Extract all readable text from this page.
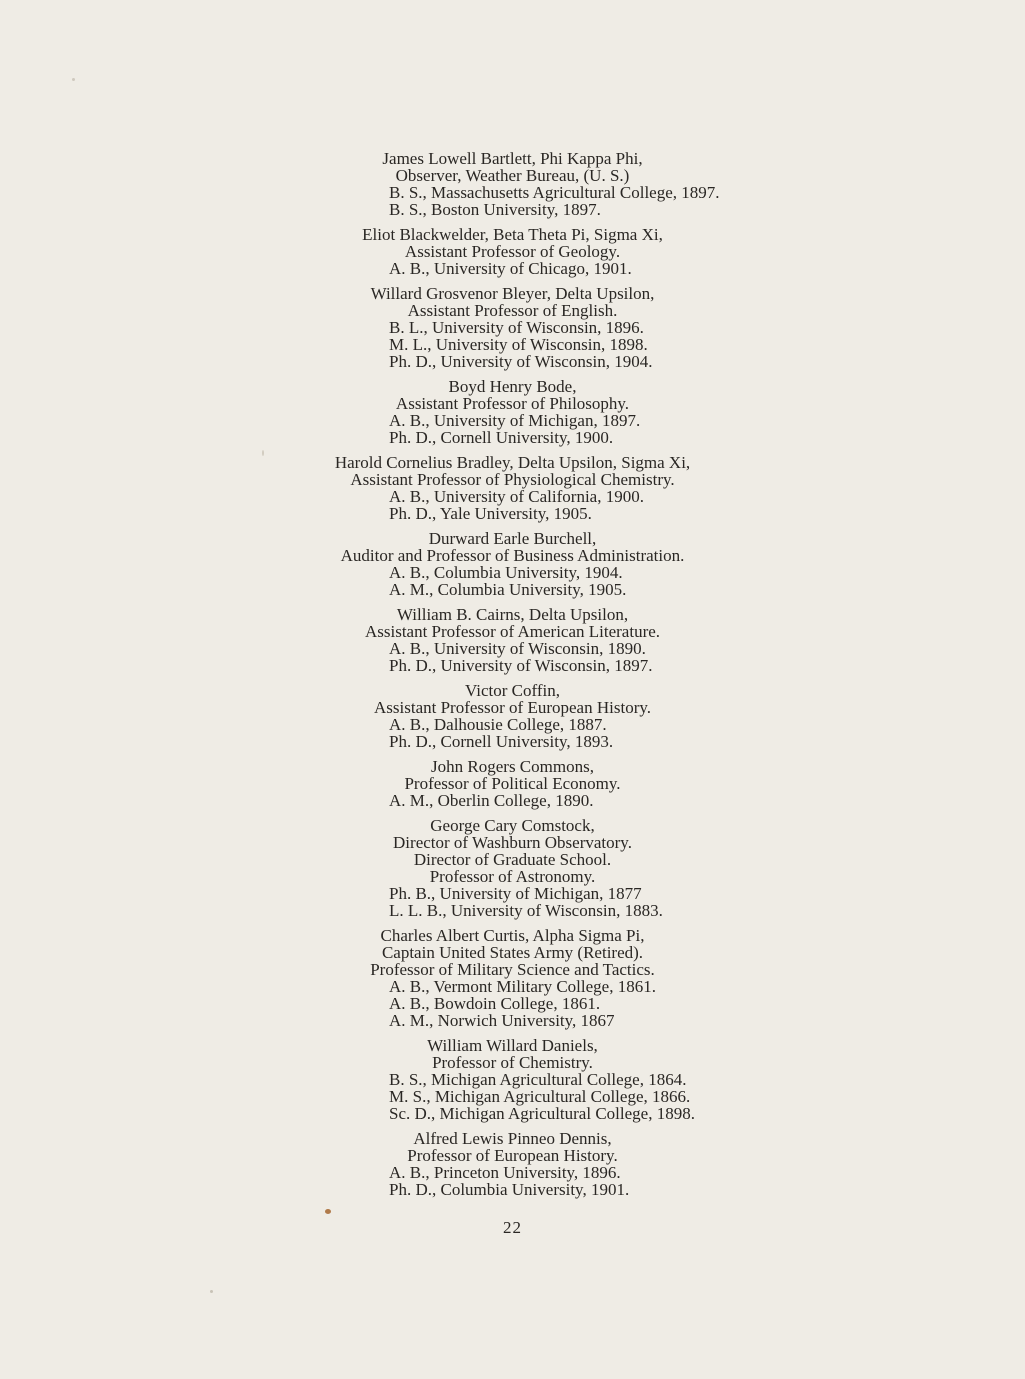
James Lowell Bartlett, Phi Kappa Phi,
Observer, Weather Bureau, (U. S.)
B. S., Massachusetts Agricultural College, 1897.
B. S., Boston University, 1897.
Eliot Blackwelder, Beta Theta Pi, Sigma Xi,
Assistant Professor of Geology.
A. B., University of Chicago, 1901.
Willard Grosvenor Bleyer, Delta Upsilon,
Assistant Professor of English.
B. L., University of Wisconsin, 1896.
M. L., University of Wisconsin, 1898.
Ph. D., University of Wisconsin, 1904.
Boyd Henry Bode,
Assistant Professor of Philosophy.
A. B., University of Michigan, 1897.
Ph. D., Cornell University, 1900.
Harold Cornelius Bradley, Delta Upsilon, Sigma Xi,
Assistant Professor of Physiological Chemistry.
A. B., University of California, 1900.
Ph. D., Yale University, 1905.
Durward Earle Burchell,
Auditor and Professor of Business Administration.
A. B., Columbia University, 1904.
A. M., Columbia University, 1905.
William B. Cairns, Delta Upsilon,
Assistant Professor of American Literature.
A. B., University of Wisconsin, 1890.
Ph. D., University of Wisconsin, 1897.
Victor Coffin,
Assistant Professor of European History.
A. B., Dalhousie College, 1887.
Ph. D., Cornell University, 1893.
John Rogers Commons,
Professor of Political Economy.
A. M., Oberlin College, 1890.
George Cary Comstock,
Director of Washburn Observatory.
Director of Graduate School.
Professor of Astronomy.
Ph. B., University of Michigan, 1877
L. L. B., University of Wisconsin, 1883.
Charles Albert Curtis, Alpha Sigma Pi,
Captain United States Army (Retired).
Professor of Military Science and Tactics.
A. B., Vermont Military College, 1861.
A. B., Bowdoin College, 1861.
A. M., Norwich University, 1867
William Willard Daniels,
Professor of Chemistry.
B. S., Michigan Agricultural College, 1864.
M. S., Michigan Agricultural College, 1866.
Sc. D., Michigan Agricultural College, 1898.
Alfred Lewis Pinneo Dennis,
Professor of European History.
A. B., Princeton University, 1896.
Ph. D., Columbia University, 1901.
22
